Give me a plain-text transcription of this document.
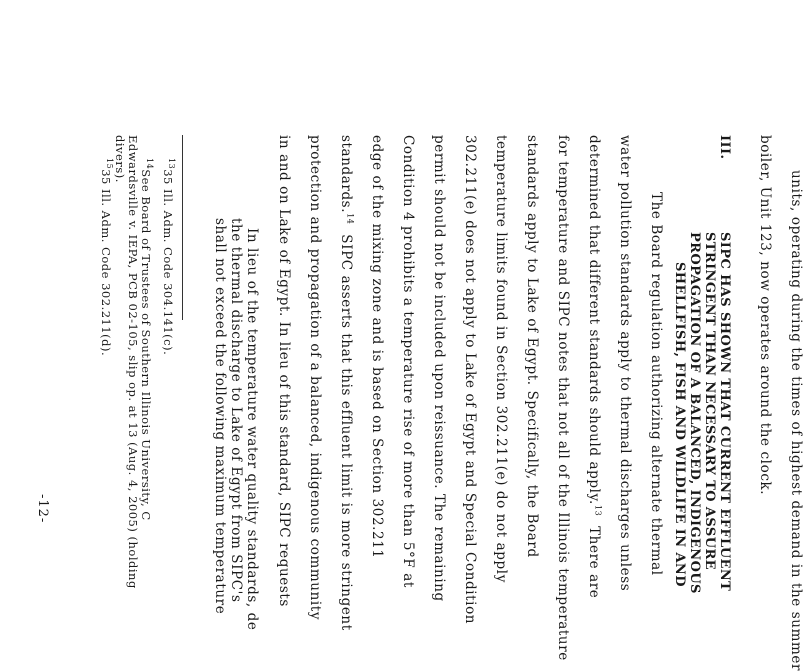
units, operating during the times of highest demand in the summer
boiler, Unit 123, now operates around the clock.
III.
SIPC HAS SHOWN THAT CURRENT EFFLUENT
STRINGENT THAN NECESSARY TO ASSURE
PROPAGATION OF A BALANCED, INDIGENOUS
SHELLFISH, FISH AND WILDLIFE IN AND
The Board regulation authorizing alternate thermal
water pollution standards apply to thermal discharges unless
determined that different standards should apply.$^{13}$  There are
for temperature and SIPC notes that not all of the Illinois temperature
standards apply to Lake of Egypt. Specifically, the Board
temperature limits found in Section 302.211(e) do not apply
302.211(e) does not apply to Lake of Egypt and Special Condition
permit should not be included upon reissuance. The remaining
Condition 4 prohibits a temperature rise of more than 5°F at
edge of the mixing zone and is based on Section 302.211
standards.$^{14}$  SIPC asserts that this effluent limit is more stringent
protection and propagation of a balanced, indigenous community
in and on Lake of Egypt. In lieu of this standard, SIPC requests
In lieu of the temperature water quality standards, de
the thermal discharge to Lake of Egypt from SIPC's
shall not exceed the following maximum temperature
$^{13}$35 Ill. Adm. Code 304.141(c).
$^{14}$See Board of Trustees of Southern Illinois University, C
Edwardsville v. IEPA, PCB 02-105, slip op. at 13 (Aug. 4, 2005) (holding
divers).
$^{15}$35 Ill. Adm. Code 302.211(d).
-12-
